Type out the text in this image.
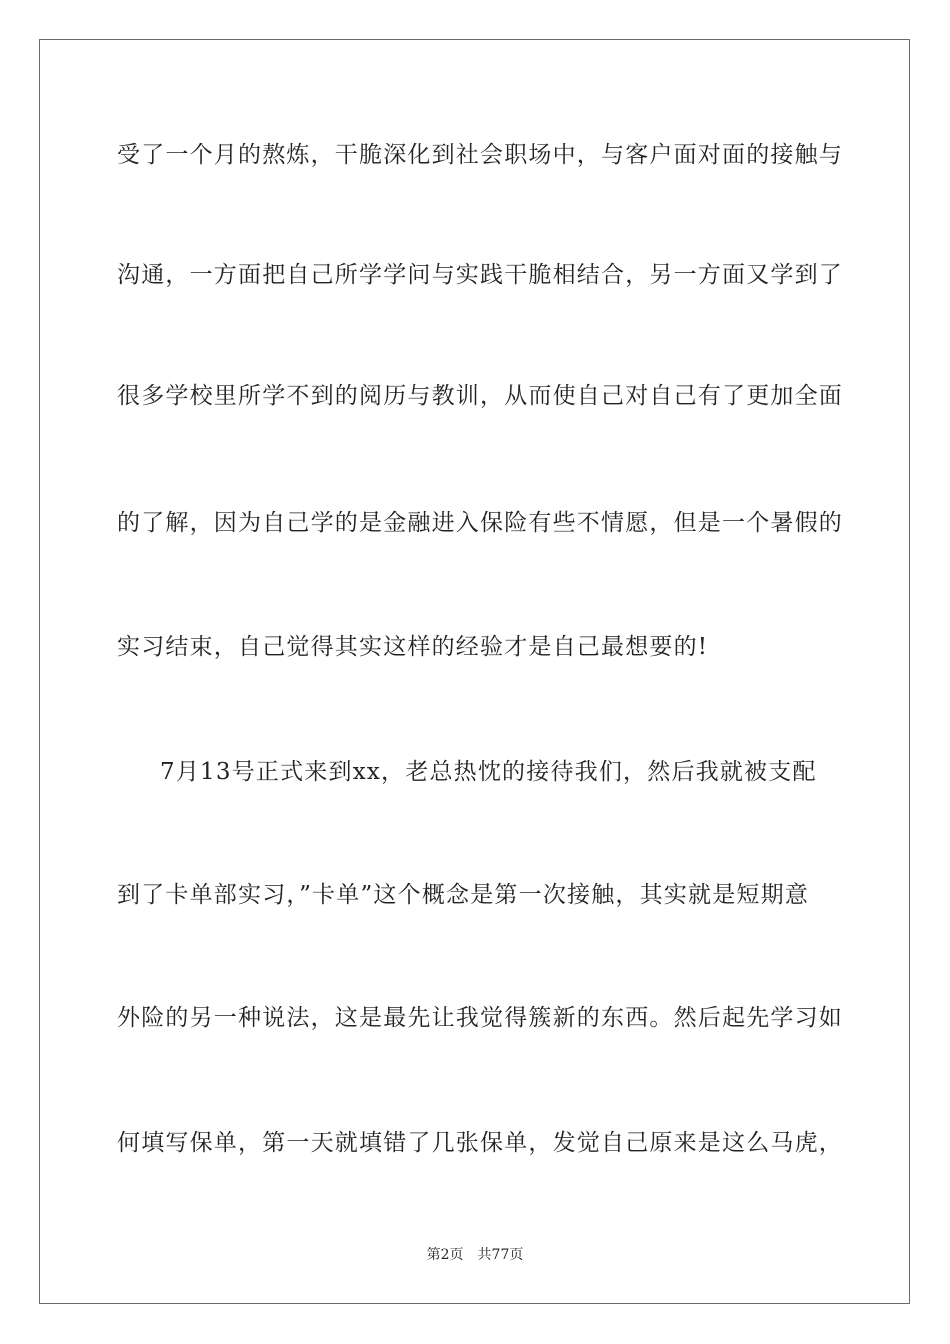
受了一个月的熬炼，干脆深化到社会职场中，与客户面对面的接触与
沟通，一方面把自己所学学问与实践干脆相结合，另一方面又学到了
很多学校里所学不到的阅历与教训，从而使自己对自己有了更加全面
的了解，因为自己学的是金融进入保险有些不情愿，但是一个暑假的
实习结束，自己觉得其实这样的经验才是自己最想要的!
7月13号正式来到xx，老总热忱的接待我们，然后我就被支配
到了卡单部实习，”卡单”这个概念是第一次接触，其实就是短期意
外险的另一种说法，这是最先让我觉得簇新的东西。然后起先学习如
何填写保单，第一天就填错了几张保单，发觉自己原来是这么马虎，
第2页 共77页
